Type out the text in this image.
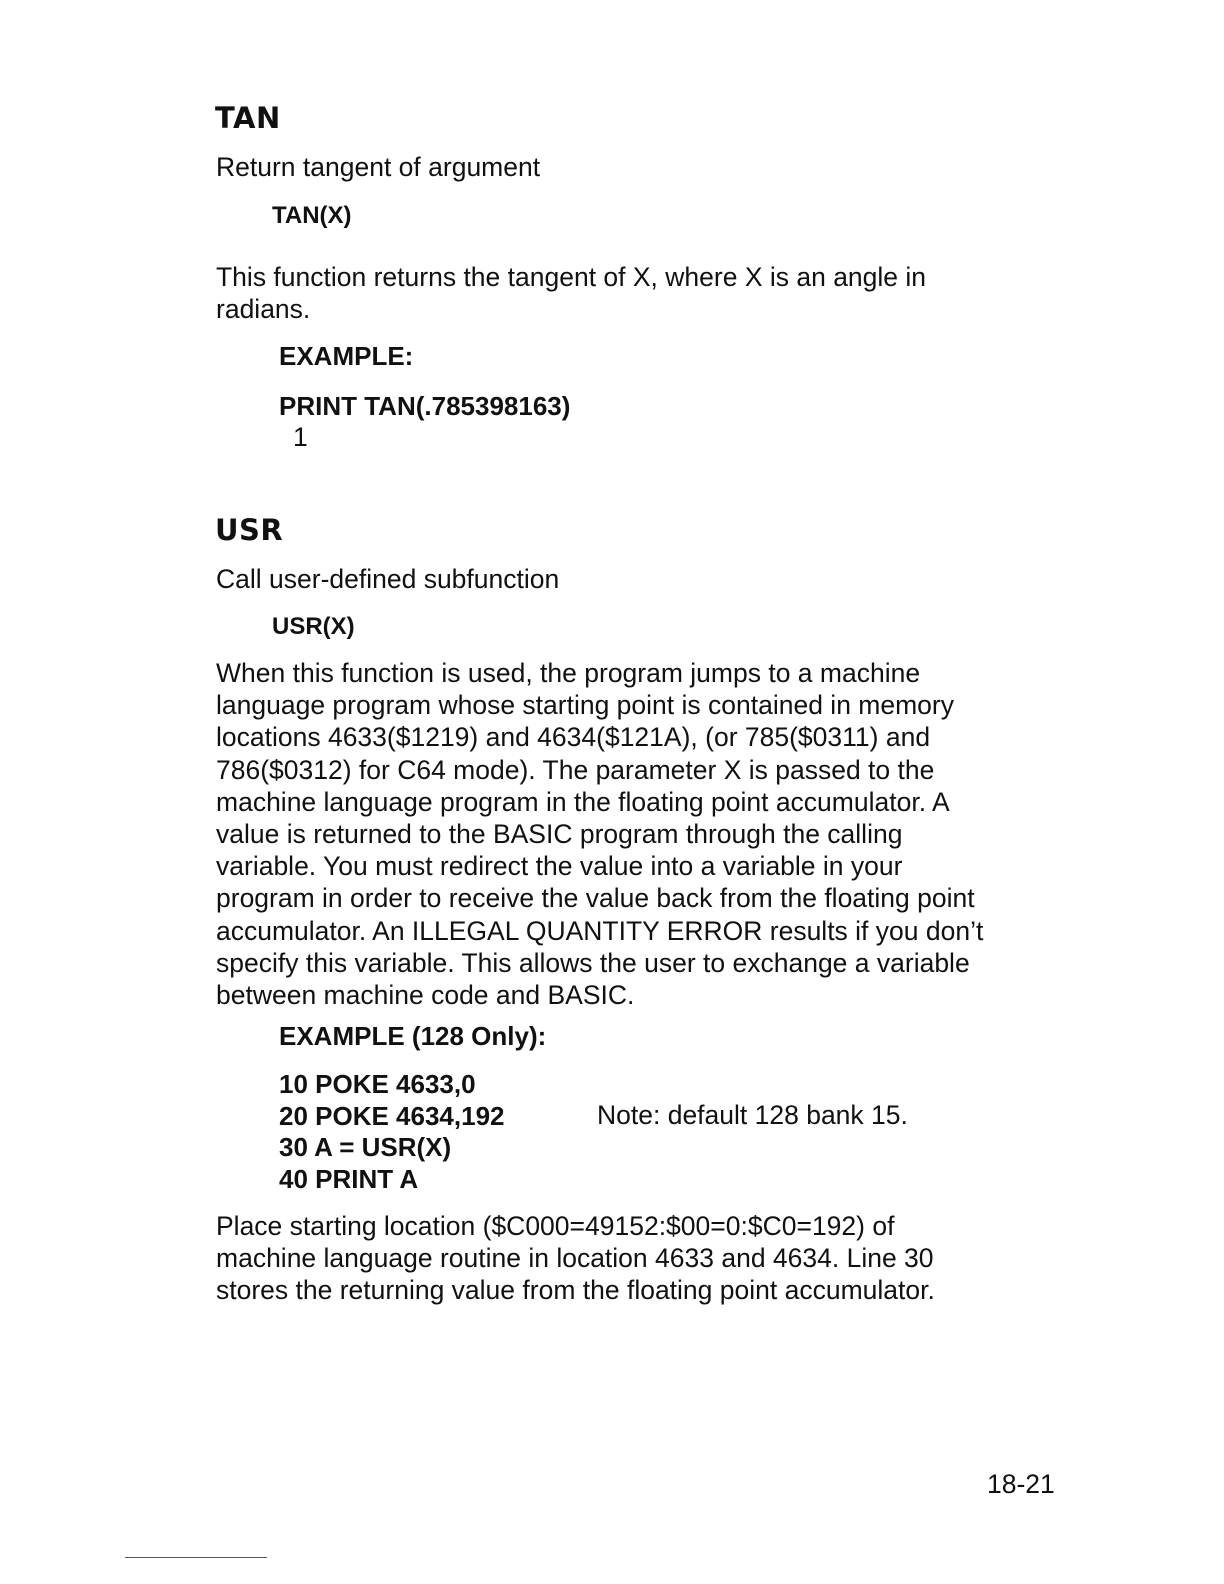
TAN
Return tangent of argument
TAN(X)
This function returns the tangent of X, where X is an angle in
radians.
EXAMPLE:
PRINT TAN(.785398163)
1
USR
Call user-defined subfunction
USR(X)
When this function is used, the program jumps to a machine
language program whose starting point is contained in memory
locations 4633($1219) and 4634($121A), (or 785($0311) and
786($0312) for C64 mode). The parameter X is passed to the
machine language program in the floating point accumulator. A
value is returned to the BASIC program through the calling
variable. You must redirect the value into a variable in your
program in order to receive the value back from the floating point
accumulator. An ILLEGAL QUANTITY ERROR results if you don’t
specify this variable. This allows the user to exchange a variable
between machine code and BASIC.
EXAMPLE (128 Only):
10 POKE 4633,0
20 POKE 4634,192
30 A = USR(X)
40 PRINT A
Note: default 128 bank 15.
Place starting location ($C000=49152:$00=0:$C0=192) of
machine language routine in location 4633 and 4634. Line 30
stores the returning value from the floating point accumulator.
18-21
